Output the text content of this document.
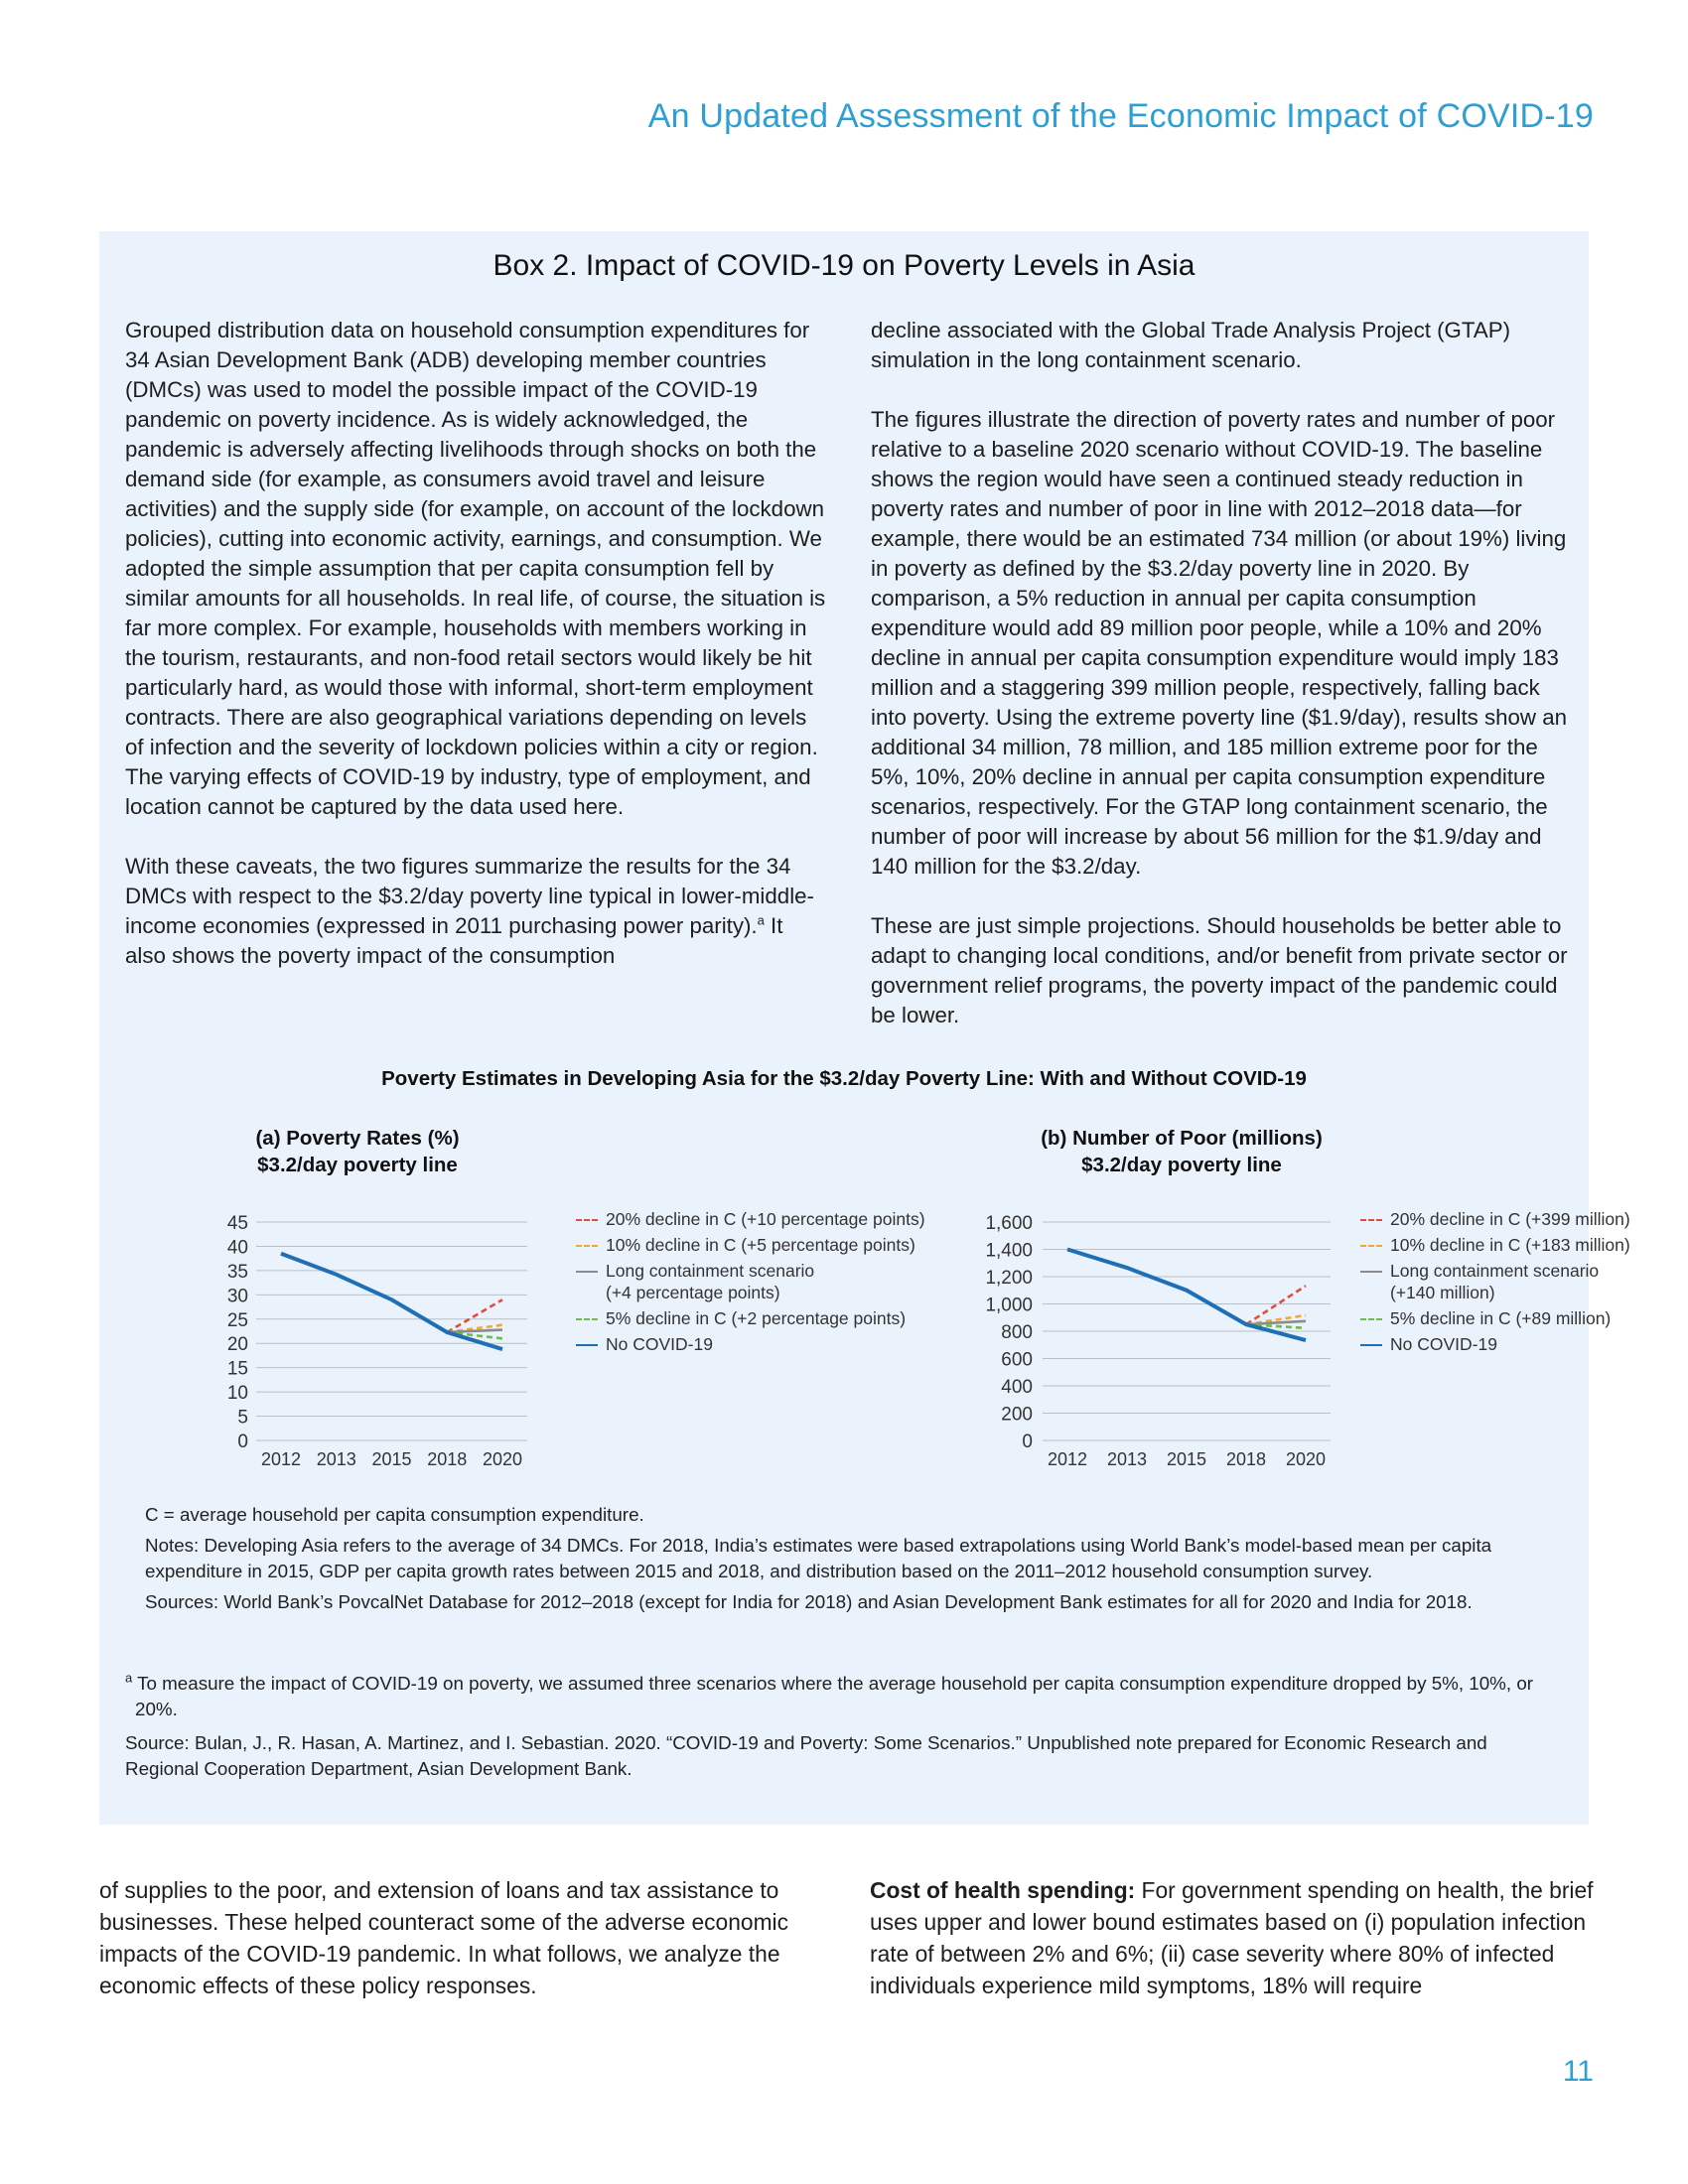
An Updated Assessment of the Economic Impact of COVID-19
Box 2. Impact of COVID-19 on Poverty Levels in Asia

Grouped distribution data on household consumption expenditures for 34 Asian Development Bank (ADB) developing member countries (DMCs) was used to model the possible impact of the COVID-19 pandemic on poverty incidence. As is widely acknowledged, the pandemic is adversely affecting livelihoods through shocks on both the demand side (for example, as consumers avoid travel and leisure activities) and the supply side (for example, on account of the lockdown policies), cutting into economic activity, earnings, and consumption. We adopted the simple assumption that per capita consumption fell by similar amounts for all households. In real life, of course, the situation is far more complex. For example, households with members working in the tourism, restaurants, and non-food retail sectors would likely be hit particularly hard, as would those with informal, short-term employment contracts. There are also geographical variations depending on levels of infection and the severity of lockdown policies within a city or region. The varying effects of COVID-19 by industry, type of employment, and location cannot be captured by the data used here.

With these caveats, the two figures summarize the results for the 34 DMCs with respect to the $3.2/day poverty line typical in lower-middle-income economies (expressed in 2011 purchasing power parity).$^a$ It also shows the poverty impact of the consumption

decline associated with the Global Trade Analysis Project (GTAP) simulation in the long containment scenario.

The figures illustrate the direction of poverty rates and number of poor relative to a baseline 2020 scenario without COVID-19. The baseline shows the region would have seen a continued steady reduction in poverty rates and number of poor in line with 2012–2018 data—for example, there would be an estimated 734 million (or about 19%) living in poverty as defined by the $3.2/day poverty line in 2020. By comparison, a 5% reduction in annual per capita consumption expenditure would add 89 million poor people, while a 10% and 20% decline in annual per capita consumption expenditure would imply 183 million and a staggering 399 million people, respectively, falling back into poverty. Using the extreme poverty line ($1.9/day), results show an additional 34 million, 78 million, and 185 million extreme poor for the 5%, 10%, 20% decline in annual per capita consumption expenditure scenarios, respectively. For the GTAP long containment scenario, the number of poor will increase by about 56 million for the $1.9/day and 140 million for the $3.2/day.

These are just simple projections. Should households be better able to adapt to changing local conditions, and/or benefit from private sector or government relief programs, the poverty impact of the pandemic could be lower.

Poverty Estimates in Developing Asia for the $3.2/day Poverty Line: With and Without COVID-19
(a) Poverty Rates (%)
$3.2/day poverty line
0
5
10
15
20
25
30
35
40
45
2012 2013 2015 2018 2020
20% decline in C (+10 percentage points)
10% decline in C (+5 percentage points)
Long containment scenario
(+4 percentage points)
5% decline in C (+2 percentage points)
No COVID-19
(b) Number of Poor (millions)
$3.2/day poverty line
0
200
400
600
800
1,000
1,200
1,400
1,600
2012 2013 2015 2018 2020
20% decline in C (+399 million)
10% decline in C (+183 million)
Long containment scenario
(+140 million)
5% decline in C (+89 million)
No COVID-19

C = average household per capita consumption expenditure.

Notes: Developing Asia refers to the average of 34 DMCs. For 2018, India’s estimates were based extrapolations using World Bank’s model-based mean per capita expenditure in 2015, GDP per capita growth rates between 2015 and 2018, and distribution based on the 2011–2012 household consumption survey.

Sources: World Bank’s PovcalNet Database for 2012–2018 (except for India for 2018) and Asian Development Bank estimates for all for 2020 and India for 2018.

$^a$ To measure the impact of COVID-19 on poverty, we assumed three scenarios where the average household per capita consumption expenditure dropped by 5%, 10%, or 20%.

Source: Bulan, J., R. Hasan, A. Martinez, and I. Sebastian. 2020. “COVID-19 and Poverty: Some Scenarios.” Unpublished note prepared for Economic Research and Regional Cooperation Department, Asian Development Bank.

of supplies to the poor, and extension of loans and tax assistance to businesses. These helped counteract some of the adverse economic impacts of the COVID-19 pandemic. In what follows, we analyze the economic effects of these policy responses.
Cost of health spending: For government spending on health, the brief uses upper and lower bound estimates based on (i) population infection rate of between 2% and 6%; (ii) case severity where 80% of infected individuals experience mild symptoms, 18% will require
11
